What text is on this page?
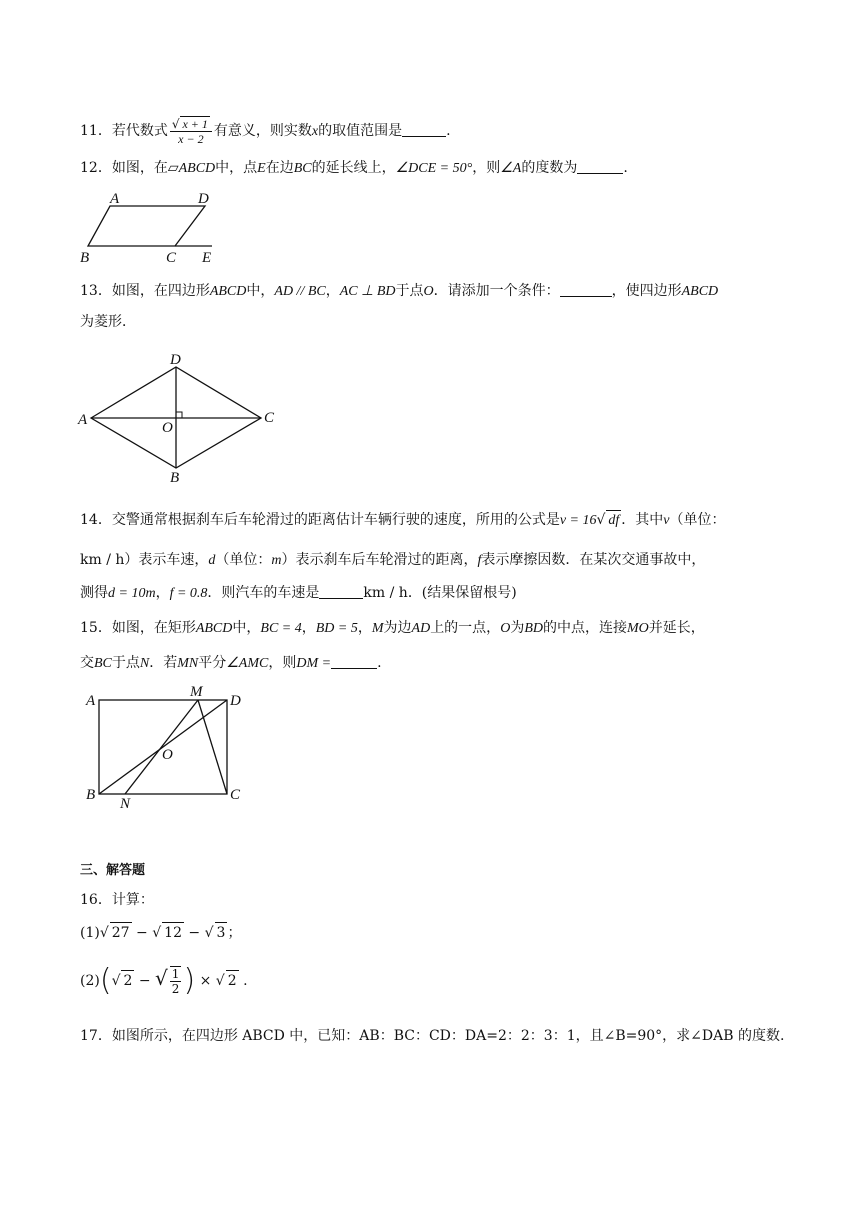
11．若代数式 $\frac{√ x + 1}{x - 2}$ 有意义，则实数x的取值范围是	.
12．如图，在▱ABCD中，点E在边BC的延长线上，∠DCE = 50°，则∠A的度数为	.
A	D
B	C E
13．如图，在四边形ABCD中，AD // BC，AC ⊥ BD于点O．请添加一个条件：	，使四边形ABCD
为菱形．
A
D
C
O
B
14．交警通常根据刹车后车轮滑过的距离估计车辆行驶的速度，所用的公式是v = 16√ df ．其中v（单位：
km / h）表示车速，d（单位：m）表示刹车后车轮滑过的距离，f表示摩擦因数．在某次交通事故中，
测得d = 10m，f = 0.8．则汽车的车速是	km / h．(结果保留根号)
15．如图，在矩形ABCD中，BC = 4，BD = 5，M为边AD上的一点，O为BD的中点，连接MO并延长，
交BC于点N．若MN平分∠AMC，则DM =	.
A
M
D
O
B
N
C
三、解答题
16．计算：
(1)√ 27 − √ 12 − √ 3 ；
(2)(√ 2 − √ $\frac{1}{2}$ ) × √ 2 .
17．如图所示，在四边形 ABCD 中，已知：AB：BC：CD：DA=2：2：3：1，且∠B=90°，求∠DAB 的度数.
